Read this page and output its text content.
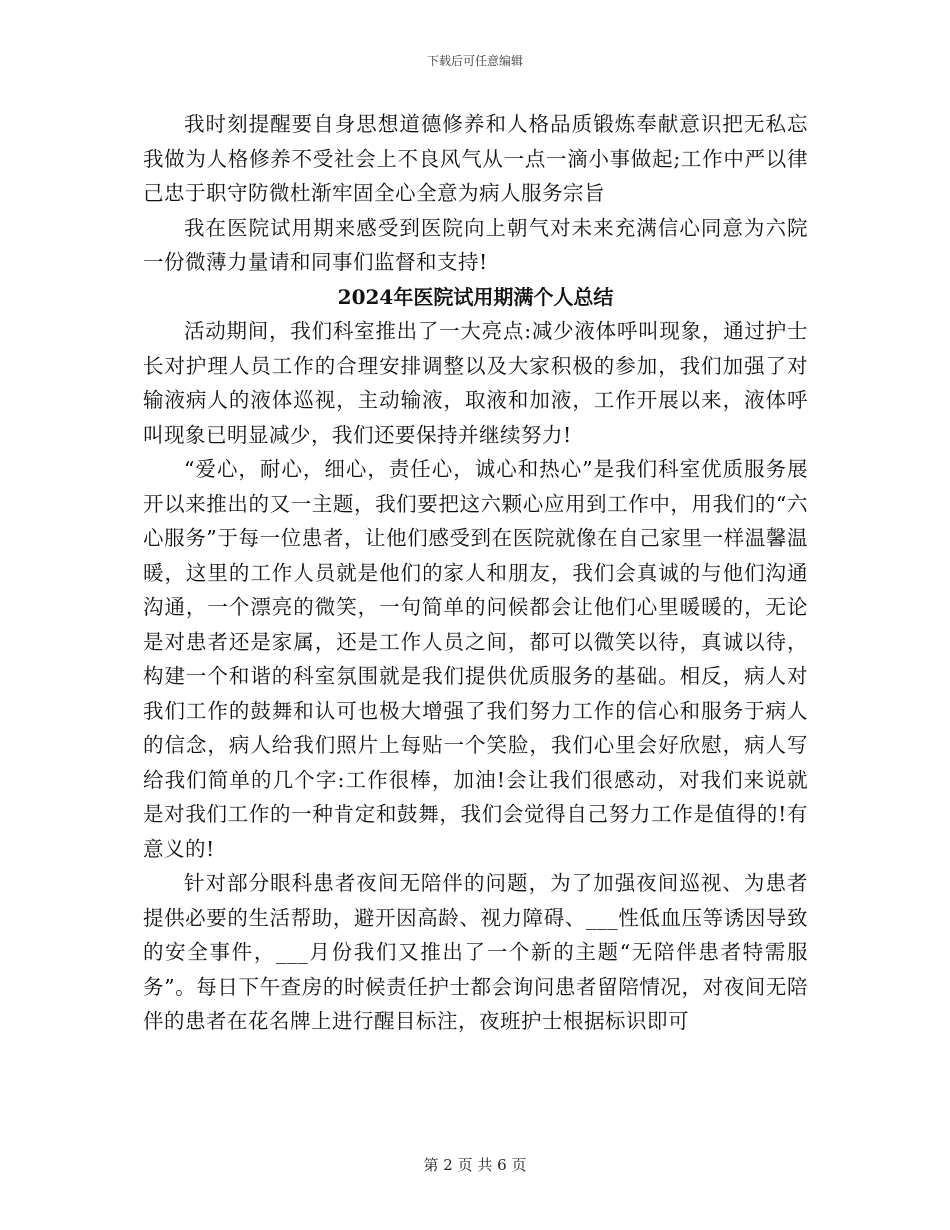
下载后可任意编辑

我时刻提醒要自身思想道德修养和人格品质锻炼奉献意识把无私忘我做为人格修养不受社会上不良风气从一点一滴小事做起;工作中严以律己忠于职守防微杜渐牢固全心全意为病人服务宗旨

我在医院试用期来感受到医院向上朝气对未来充满信心同意为六院一份微薄力量请和同事们监督和支持!

2024年医院试用期满个人总结

活动期间，我们科室推出了一大亮点:减少液体呼叫现象，通过护士长对护理人员工作的合理安排调整以及大家积极的参加，我们加强了对输液病人的液体巡视，主动输液，取液和加液，工作开展以来，液体呼叫现象已明显减少，我们还要保持并继续努力!

“爱心，耐心，细心，责任心，诚心和热心”是我们科室优质服务展开以来推出的又一主题，我们要把这六颗心应用到工作中，用我们的“六心服务”于每一位患者，让他们感受到在医院就像在自己家里一样温馨温暖，这里的工作人员就是他们的家人和朋友，我们会真诚的与他们沟通沟通，一个漂亮的微笑，一句简单的问候都会让他们心里暖暖的，无论是对患者还是家属，还是工作人员之间，都可以微笑以待，真诚以待，构建一个和谐的科室氛围就是我们提供优质服务的基础。相反，病人对我们工作的鼓舞和认可也极大增强了我们努力工作的信心和服务于病人的信念，病人给我们照片上每贴一个笑脸，我们心里会好欣慰，病人写给我们简单的几个字:工作很棒，加油!会让我们很感动，对我们来说就是对我们工作的一种肯定和鼓舞，我们会觉得自己努力工作是值得的!有意义的!

针对部分眼科患者夜间无陪伴的问题，为了加强夜间巡视、为患者提供必要的生活帮助，避开因高龄、视力障碍、___性低血压等诱因导致的安全事件，___月份我们又推出了一个新的主题“无陪伴患者特需服务”。每日下午查房的时候责任护士都会询问患者留陪情况，对夜间无陪伴的患者在花名牌上进行醒目标注，夜班护士根据标识即可

第 2 页 共 6 页
